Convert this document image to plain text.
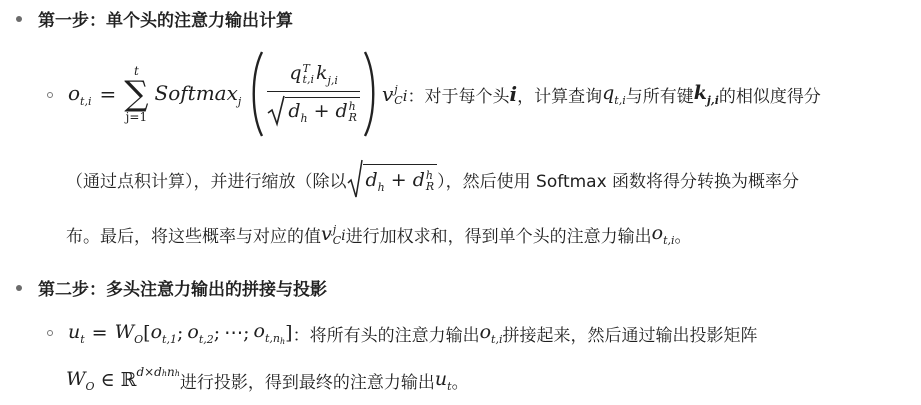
第一步：单个头的注意力输出计算
$o_{t,i}$ =
t
∑
j=1
Softmax$_j$
q T
t,i $k_{j,i}$
$d_h + d$ h
R
v j
C i ：对于每个头 i ，计算查询 $q_{t,i}$ 与所有键 $k_{j,i}$ 的相似度得分
（通过点积计算），并进行缩放（除以 $d_h + d$ h
R ），然后使用 Softmax 函数将得分转换为概率分
布。最后，将这些概率与对应的值 v j
C i 进行加权求和，得到单个头的注意力输出 $o_{t,i}$ 。
第二步：多头注意力输出的拼接与投影
$u_t = W_O$ [ $o_{t,1}$ ; $o_{t,2}$ ; ⋯ ; $o_{t,nh}$ ] ：将所有头的注意力输出 $o_{t,i}$ 拼接起来，然后通过输出投影矩阵
$W_O$ ∈ ℝ d×dhnh 进行投影，得到最终的注意力输出 $u_t$ 。
